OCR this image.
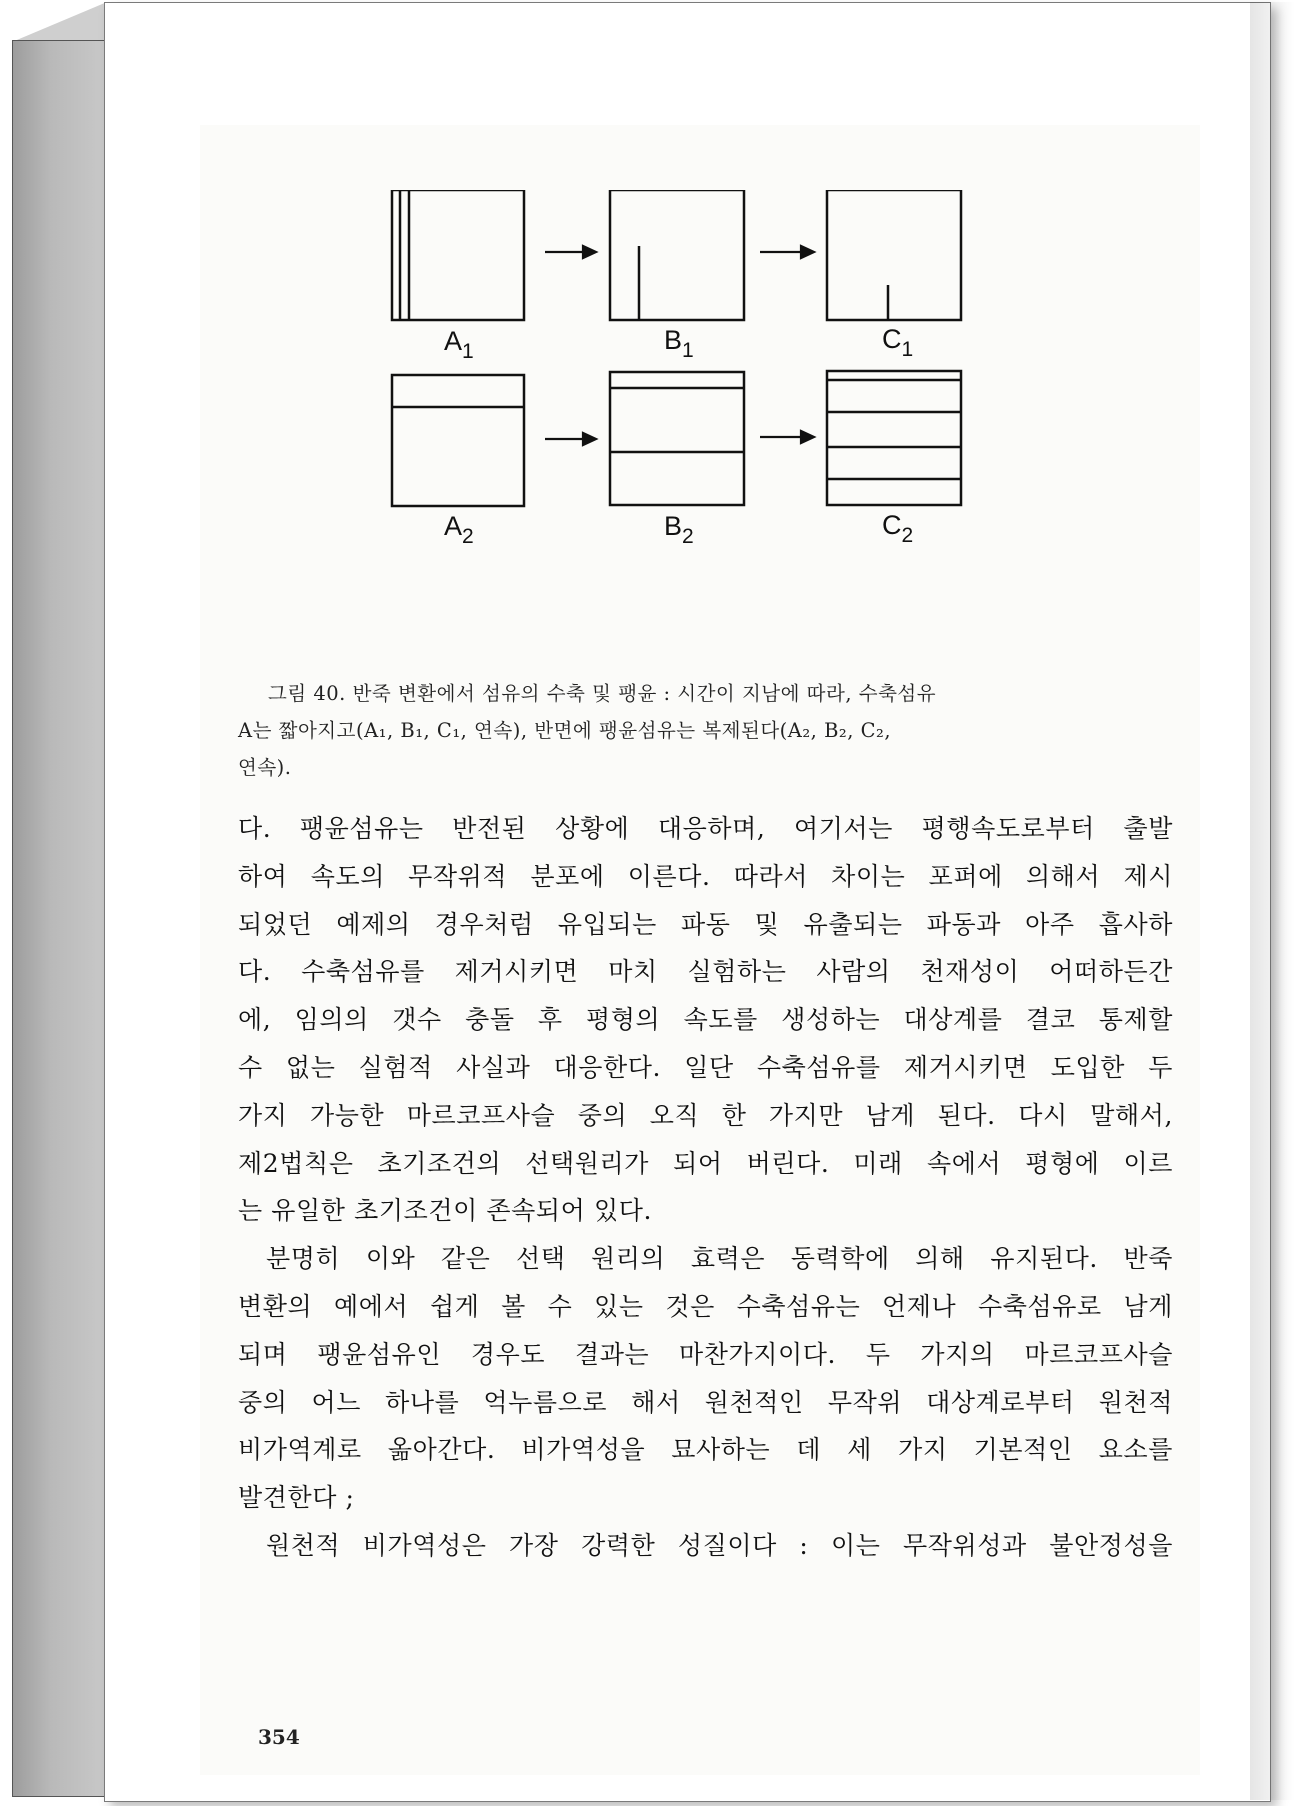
$A_1$	$B_1$	$C_1$
$A_2$	$B_2$	$C_2$
그림 40. 반죽 변환에서 섬유의 수축 및 팽윤 : 시간이 지남에 따라, 수축섬유
A는 짧아지고(A₁, B₁, C₁, 연속), 반면에 팽윤섬유는 복제된다(A₂, B₂, C₂,
연속).
다. 팽윤섬유는 반전된 상황에 대응하며, 여기서는 평행속도로부터 출발
하여 속도의 무작위적 분포에 이른다. 따라서 차이는 포퍼에 의해서 제시
되었던 예제의 경우처럼 유입되는 파동 및 유출되는 파동과 아주 흡사하
다. 수축섬유를 제거시키면 마치 실험하는 사람의 천재성이 어떠하든간
에, 임의의 갯수 충돌 후 평형의 속도를 생성하는 대상계를 결코 통제할
수 없는 실험적 사실과 대응한다. 일단 수축섬유를 제거시키면 도입한 두
가지 가능한 마르코프사슬 중의 오직 한 가지만 남게 된다. 다시 말해서,
제2법칙은 초기조건의 선택원리가 되어 버린다. 미래 속에서 평형에 이르
는 유일한 초기조건이 존속되어 있다.
분명히 이와 같은 선택 원리의 효력은 동력학에 의해 유지된다. 반죽
변환의 예에서 쉽게 볼 수 있는 것은 수축섬유는 언제나 수축섬유로 남게
되며 팽윤섬유인 경우도 결과는 마찬가지이다. 두 가지의 마르코프사슬
중의 어느 하나를 억누름으로 해서 원천적인 무작위 대상계로부터 원천적
비가역계로 옮아간다. 비가역성을 묘사하는 데 세 가지 기본적인 요소를
발견한다 ;
원천적 비가역성은 가장 강력한 성질이다 : 이는 무작위성과 불안정성을
354
